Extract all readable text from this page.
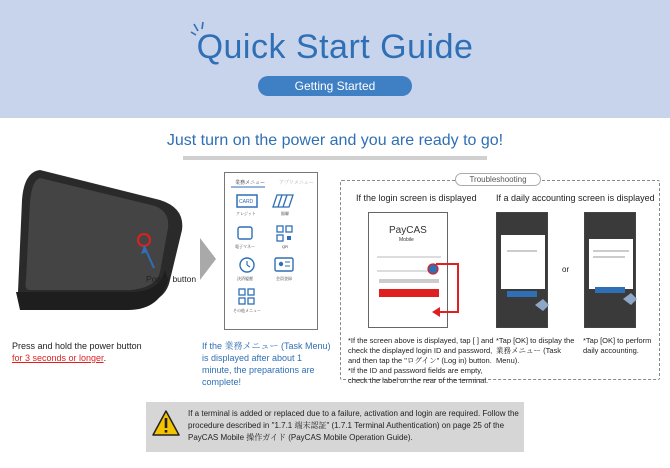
Quick Start Guide
Getting Started
Just turn on the power and you are ready to go!
Power button
Press and hold the power button
for 3 seconds or longer.
業務メニュー	アプリメニュー
CARD
クレジット	銀聯
電子マネー	QR
決済履歴	会員登録
その他メニュー
If the 業務メニュー (Task Menu) is displayed after about 1 minute, the preparations are complete!
Troubleshooting
If the login screen is displayed If a daily accounting screen is displayed
PayCAS
Mobile
or
*If the screen above is displayed, tap [ ] and check the displayed login ID and password, and then tap the "ログイン" (Log in) button. *If the ID and password fields are empty, check the label on the rear of the terminal.
*Tap [OK] to display the 業務メニュー (Task Menu).
*Tap [OK] to perform daily accounting.
If a terminal is added or replaced due to a failure, activation and login are required. Follow the procedure described in "1.7.1 端末認証" (1.7.1 Terminal Authentication) on page 25 of the PayCAS Mobile 操作ガイド (PayCAS Mobile Operation Guide).
